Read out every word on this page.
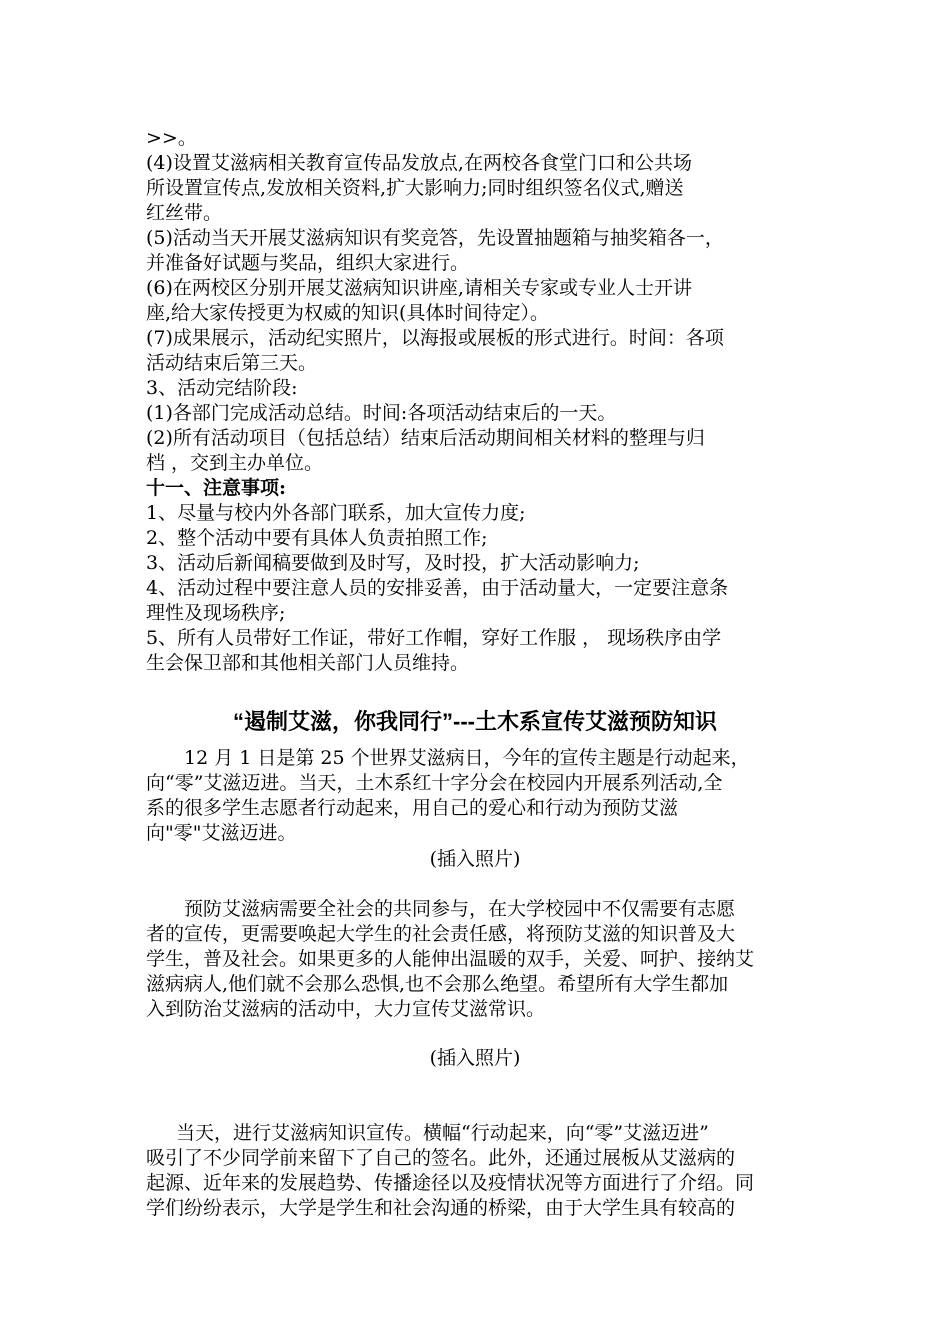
>>。

(4)设置艾滋病相关教育宣传品发放点,在两校各食堂门口和公共场

所设置宣传点,发放相关资料,扩大影响力;同时组织签名仪式,赠送

红丝带。

(5)活动当天开展艾滋病知识有奖竞答，先设置抽题箱与抽奖箱各一，

并准备好试题与奖品，组织大家进行。

(6)在两校区分别开展艾滋病知识讲座,请相关专家或专业人士开讲

座,给大家传授更为权威的知识(具体时间待定）。

(7)成果展示，活动纪实照片，以海报或展板的形式进行。时间：各项

活动结束后第三天。

3、活动完结阶段:

(1)各部门完成活动总结。时间:各项活动结束后的一天。

(2)所有活动项目（包括总结）结束后活动期间相关材料的整理与归

档 ，交到主办单位。

十一、注意事项:

1、尽量与校内外各部门联系，加大宣传力度;

2、整个活动中要有具体人负责拍照工作;

3、活动后新闻稿要做到及时写，及时投，扩大活动影响力;

4、活动过程中要注意人员的安排妥善，由于活动量大，一定要注意条

理性及现场秩序;

5、所有人员带好工作证，带好工作帽，穿好工作服 ， 现场秩序由学

生会保卫部和其他相关部门人员维持。

“遏制艾滋，你我同行”---土木系宣传艾滋预防知识

12 月 1 日是第 25 个世界艾滋病日，今年的宣传主题是行动起来，

向“零”艾滋迈进。当天，土木系红十字分会在校园内开展系列活动,全

系的很多学生志愿者行动起来，用自己的爱心和行动为预防艾滋

向"零"艾滋迈进。

(插入照片)

预防艾滋病需要全社会的共同参与，在大学校园中不仅需要有志愿

者的宣传，更需要唤起大学生的社会责任感，将预防艾滋的知识普及大

学生，普及社会。如果更多的人能伸出温暖的双手，关爱、呵护、接纳艾

滋病病人,他们就不会那么恐惧,也不会那么绝望。希望所有大学生都加

入到防治艾滋病的活动中，大力宣传艾滋常识。

(插入照片)

当天，进行艾滋病知识宣传。横幅“行动起来，向“零”艾滋迈进”

吸引了不少同学前来留下了自己的签名。此外，还通过展板从艾滋病的

起源、近年来的发展趋势、传播途径以及疫情状况等方面进行了介绍。同

学们纷纷表示，大学是学生和社会沟通的桥梁，由于大学生具有较高的
